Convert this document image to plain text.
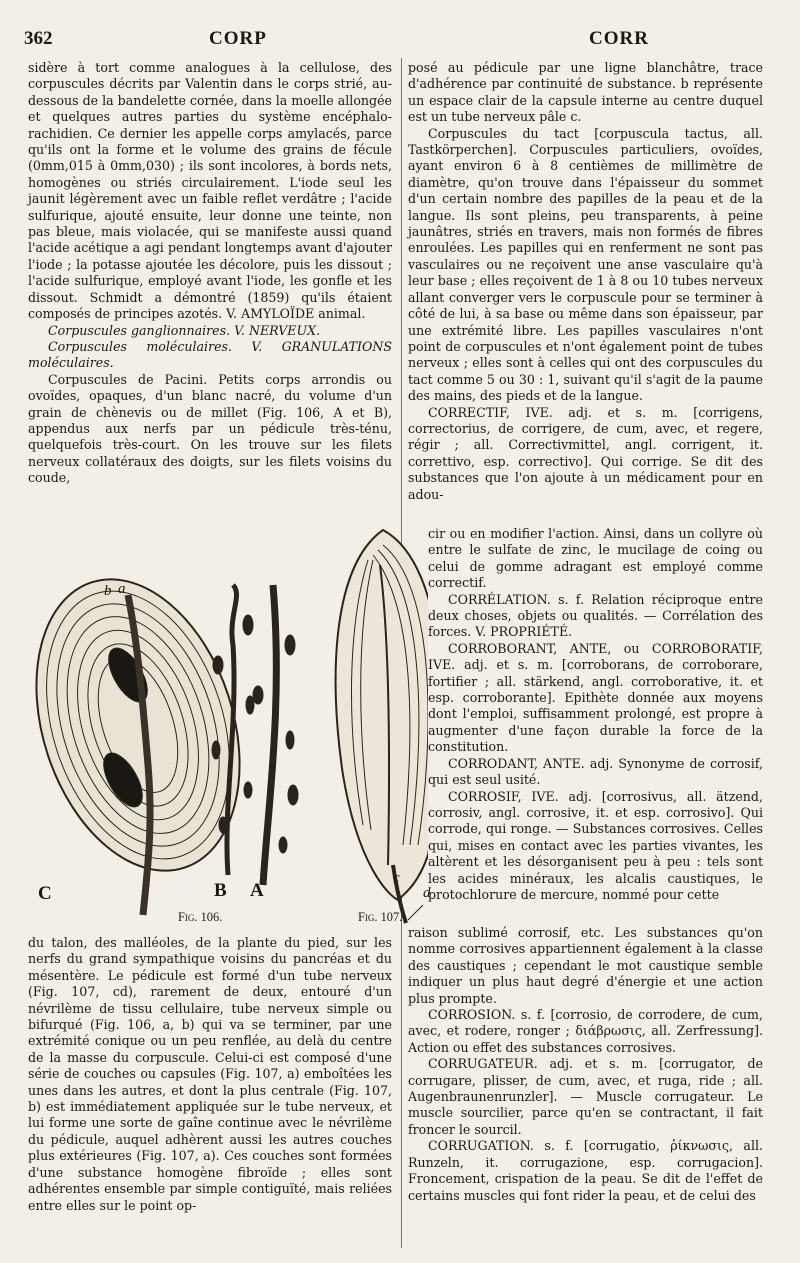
362	CORP	CORR

sidère à tort comme analogues à la cellulose, des corpuscules décrits par Valentin dans le corps strié, au-dessous de la bandelette cornée, dans la moelle allongée et quelques autres parties du système encéphalo-rachidien. Ce dernier les appelle corps amylacés, parce qu'ils ont la forme et le volume des grains de fécule (0mm,015 à 0mm,030) ; ils sont incolores, à bords nets, homogènes ou striés circulairement. L'iode seul les jaunit légèrement avec un faible reflet verdâtre ; l'acide sulfurique, ajouté ensuite, leur donne une teinte, non pas bleue, mais violacée, qui se manifeste aussi quand l'acide acétique a agi pendant longtemps avant d'ajouter l'iode ; la potasse ajoutée les décolore, puis les dissout ; l'acide sulfurique, employé avant l'iode, les gonfle et les dissout. Schmidt a démontré (1859) qu'ils étaient composés de principes azotés. V. AMYLOÏDE animal.

Corpuscules ganglionnaires. V. NERVEUX.

Corpuscules moléculaires. V. GRANULATIONS moléculaires.

Corpuscules de Pacini. Petits corps arrondis ou ovoïdes, opaques, d'un blanc nacré, du volume d'un grain de chènevis ou de millet (Fig. 106, A et B), appendus aux nerfs par un pédicule très-ténu, quelquefois très-court. On les trouve sur les filets nerveux collatéraux des doigts, sur les filets voisins du coude,

b a
C	B A
c
d
Fig. 106.	Fig. 107.

du talon, des malléoles, de la plante du pied, sur les nerfs du grand sympathique voisins du pancréas et du mésentère. Le pédicule est formé d'un tube nerveux (Fig. 107, cd), rarement de deux, entouré d'un névrilème de tissu cellulaire, tube nerveux simple ou bifurqué (Fig. 106, a, b) qui va se terminer, par une extrémité conique ou un peu renflée, au delà du centre de la masse du corpuscule. Celui-ci est composé d'une série de couches ou capsules (Fig. 107, a) emboîtées les unes dans les autres, et dont la plus centrale (Fig. 107, b) est immédiatement appliquée sur le tube nerveux, et lui forme une sorte de gaîne continue avec le névrilème du pédicule, auquel adhèrent aussi les autres couches plus extérieures (Fig. 107, a). Ces couches sont formées d'une substance homogène fibroïde ; elles sont adhérentes ensemble par simple contiguïté, mais reliées entre elles sur le point op-

posé au pédicule par une ligne blanchâtre, trace d'adhérence par continuité de substance. b représente un espace clair de la capsule interne au centre duquel est un tube nerveux pâle c.

Corpuscules du tact [corpuscula tactus, all. Tastkörperchen]. Corpuscules particuliers, ovoïdes, ayant environ 6 à 8 centièmes de millimètre de diamètre, qu'on trouve dans l'épaisseur du sommet d'un certain nombre des papilles de la peau et de la langue. Ils sont pleins, peu transparents, à peine jaunâtres, striés en travers, mais non formés de fibres enroulées. Les papilles qui en renferment ne sont pas vasculaires ou ne reçoivent une anse vasculaire qu'à leur base ; elles reçoivent de 1 à 8 ou 10 tubes nerveux allant converger vers le corpuscule pour se terminer à côté de lui, à sa base ou même dans son épaisseur, par une extrémité libre. Les papilles vasculaires n'ont point de corpuscules et n'ont également point de tubes nerveux ; elles sont à celles qui ont des corpuscules du tact comme 5 ou 30 : 1, suivant qu'il s'agit de la paume des mains, des pieds et de la langue.

CORRECTIF, IVE. adj. et s. m. [corrigens, correctorius, de corrigere, de cum, avec, et regere, régir ; all. Correctivmittel, angl. corrigent, it. correttivo, esp. correctivo]. Qui corrige. Se dit des substances que l'on ajoute à un médicament pour en adou-

cir ou en modifier l'action. Ainsi, dans un collyre où entre le sulfate de zinc, le mucilage de coing ou celui de gomme adragant est employé comme correctif.

CORRÉLATION. s. f. Relation réciproque entre deux choses, objets ou qualités. — Corrélation des forces. V. PROPRIÉTÉ.

CORROBORANT, ANTE, ou CORROBORATIF, IVE. adj. et s. m. [corroborans, de corroborare, fortifier ; all. stärkend, angl. corroborative, it. et esp. corroborante]. Epithète donnée aux moyens dont l'emploi, suffisamment prolongé, est propre à augmenter d'une façon durable la force de la constitution.

CORRODANT, ANTE. adj. Synonyme de corrosif, qui est seul usité.

CORROSIF, IVE. adj. [corrosivus, all. ätzend, corrosiv, angl. corrosive, it. et esp. corrosivo]. Qui corrode, qui ronge. — Substances corrosives. Celles qui, mises en contact avec les parties vivantes, les altèrent et les désorganisent peu à peu : tels sont les acides minéraux, les alcalis caustiques, le protochlorure de mercure, nommé pour cette

raison sublimé corrosif, etc. Les substances qu'on nomme corrosives appartiennent également à la classe des caustiques ; cependant le mot caustique semble indiquer un plus haut degré d'énergie et une action plus prompte.

CORROSION. s. f. [corrosio, de corrodere, de cum, avec, et rodere, ronger ; διάβρωσις, all. Zerfressung]. Action ou effet des substances corrosives.

CORRUGATEUR. adj. et s. m. [corrugator, de corrugare, plisser, de cum, avec, et ruga, ride ; all. Augenbraunenrunzler]. — Muscle corrugateur. Le muscle sourcilier, parce qu'en se contractant, il fait froncer le sourcil.

CORRUGATION. s. f. [corrugatio, ῥίκνωσις, all. Runzeln, it. corrugazione, esp. corrugacion]. Froncement, crispation de la peau. Se dit de l'effet de certains muscles qui font rider la peau, et de celui des
